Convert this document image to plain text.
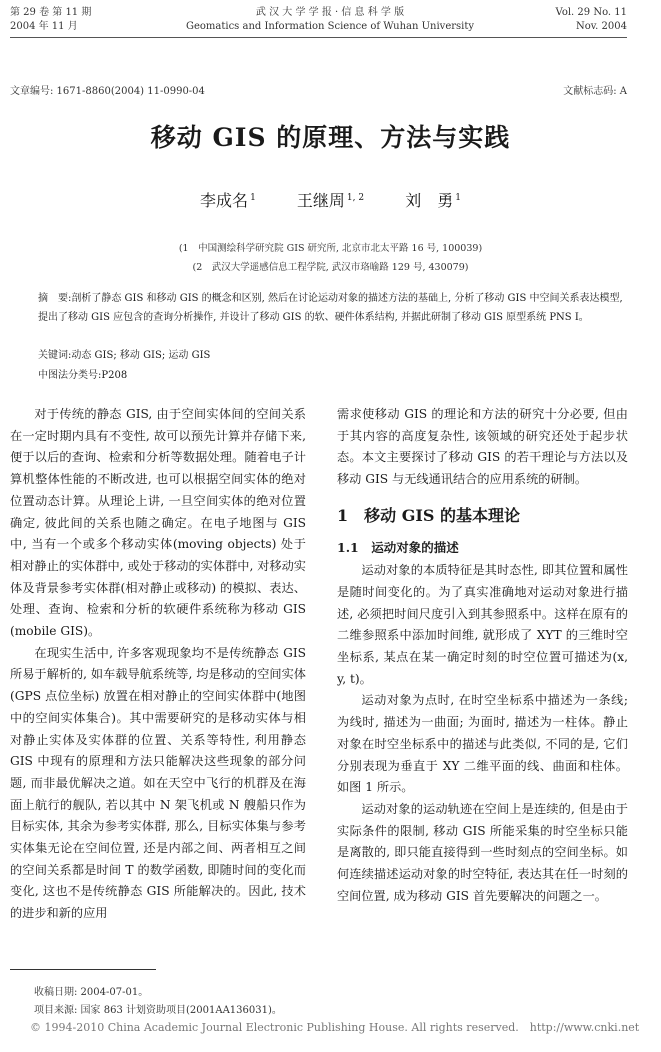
第 29 卷 第 11 期
2004 年 11 月
武 汉 大 学 学 报 · 信 息 科 学 版
Geomatics and Information Science of Wuhan University
Vol. 29 No. 11
Nov. 2004
文章编号: 1671-8860(2004) 11-0990-04	文献标志码: A
移动 GIS 的原理、方法与实践
李成名 $^1$	王继周 $^{1, 2}$	刘　勇 $^1$
(1　中国测绘科学研究院 GIS 研究所, 北京市北太平路 16 号, 100039)
(2　武汉大学遥感信息工程学院, 武汉市珞喻路 129 号, 430079)
摘　要:剖析了静态 GIS 和移动 GIS 的概念和区别, 然后在讨论运动对象的描述方法的基础上, 分析了移动 GIS 中空间关系表达模型, 提出了移动 GIS 应包含的查询分析操作, 并设计了移动 GIS 的软、硬件体系结构, 并据此研制了移动 GIS 原型系统 PNS I。
关键词:动态 GIS; 移动 GIS; 运动 GIS
中图法分类号:P208

对于传统的静态 GIS, 由于空间实体间的空间关系在一定时期内具有不变性, 故可以预先计算并存储下来, 便于以后的查询、检索和分析等数据处理。随着电子计算机整体性能的不断改进, 也可以根据空间实体的绝对位置动态计算。从理论上讲, 一旦空间实体的绝对位置确定, 彼此间的关系也随之确定。在电子地图与 GIS 中, 当有一个或多个移动实体(moving objects) 处于相对静止的实体群中, 或处于移动的实体群中, 对移动实体及背景参考实体群(相对静止或移动) 的模拟、表达、处理、查询、检索和分析的软硬件系统称为移动 GIS (mobile GIS)。

在现实生活中, 许多客观现象均不是传统静态 GIS 所易于解析的, 如车载导航系统等, 均是移动的空间实体(GPS 点位坐标) 放置在相对静止的空间实体群中(地图中的空间实体集合)。其中需要研究的是移动实体与相对静止实体及实体群的位置、关系等特性, 利用静态 GIS 中现有的原理和方法只能解决这些现象的部分问题, 而非最优解决之道。如在天空中飞行的机群及在海面上航行的舰队, 若以其中 N 架飞机或 N 艘船只作为目标实体, 其余为参考实体群, 那么, 目标实体集与参考实体集无论在空间位置, 还是内部之间、两者相互之间的空间关系都是时间 T 的数学函数, 即随时间的变化而变化, 这也不是传统静态 GIS 所能解决的。因此, 技术的进步和新的应用

需求使移动 GIS 的理论和方法的研究十分必要, 但由于其内容的高度复杂性, 该领域的研究还处于起步状态。本文主要探讨了移动 GIS 的若干理论与方法以及移动 GIS 与无线通讯结合的应用系统的研制。

1　移动 GIS 的基本理论
1.1　运动对象的描述

运动对象的本质特征是其时态性, 即其位置和属性是随时间变化的。为了真实准确地对运动对象进行描述, 必须把时间尺度引入到其参照系中。这样在原有的二维参照系中添加时间维, 就形成了 XYT 的三维时空坐标系, 某点在某一确定时刻的时空位置可描述为(x, y, t)。

运动对象为点时, 在时空坐标系中描述为一条线; 为线时, 描述为一曲面; 为面时, 描述为一柱体。静止对象在时空坐标系中的描述与此类似, 不同的是, 它们分别表现为垂直于 XY 二维平面的线、曲面和柱体。如图 1 所示。

运动对象的运动轨迹在空间上是连续的, 但是由于实际条件的限制, 移动 GIS 所能采集的时空坐标只能是离散的, 即只能直接得到一些时刻点的空间坐标。如何连续描述运动对象的时空特征, 表达其在任一时刻的空间位置, 成为移动 GIS 首先要解决的问题之一。

收稿日期: 2004-07-01。
项目来源: 国家 863 计划资助项目(2001AA136031)。
© 1994-2010 China Academic Journal Electronic Publishing House. All rights reserved.　http://www.cnki.net
